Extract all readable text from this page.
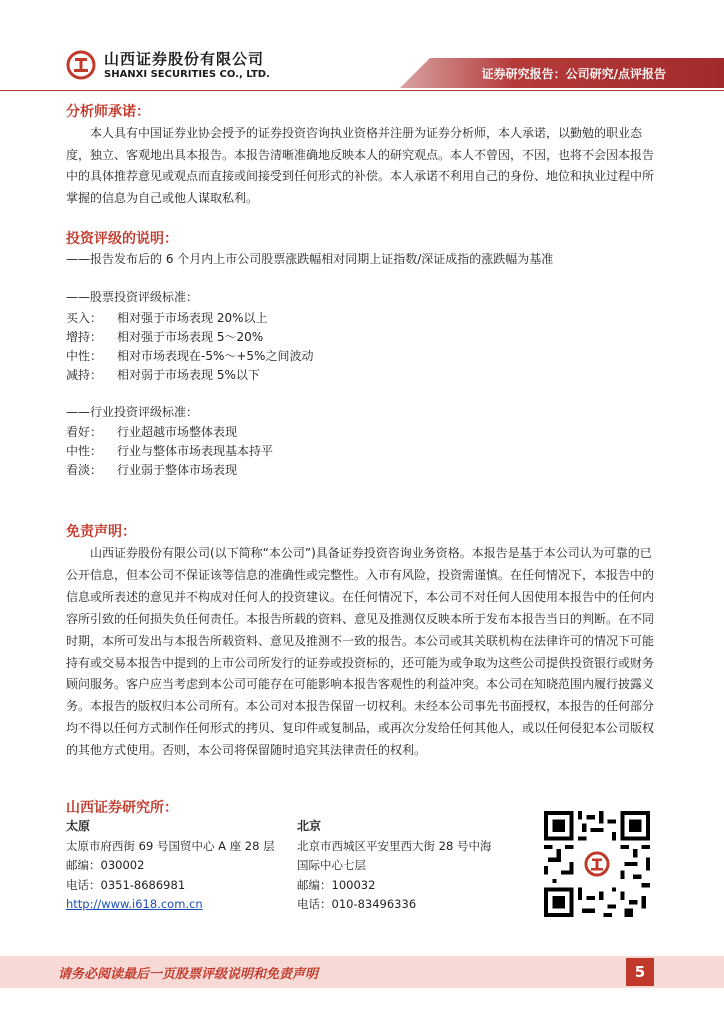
山西证券股份有限公司
SHANXI SECURITIES CO., LTD.	证券研究报告：公司研究/点评报告
分析师承诺：

本人具有中国证券业协会授予的证券投资咨询执业资格并注册为证券分析师，本人承诺，以勤勉的职业态度，独立、客观地出具本报告。本报告清晰准确地反映本人的研究观点。本人不曾因，不因，也将不会因本报告中的具体推荐意见或观点而直接或间接受到任何形式的补偿。本人承诺不利用自己的身份、地位和执业过程中所掌握的信息为自己或他人谋取私利。

投资评级的说明：
——报告发布后的 6 个月内上市公司股票涨跌幅相对同期上证指数/深证成指的涨跌幅为基准
——股票投资评级标准：
买入： 相对强于市场表现 20%以上
增持： 相对强于市场表现 5～20%
中性： 相对市场表现在-5%～+5%之间波动
减持： 相对弱于市场表现 5%以下
——行业投资评级标准：
看好： 行业超越市场整体表现
中性： 行业与整体市场表现基本持平
看淡： 行业弱于整体市场表现
免责声明：

山西证券股份有限公司(以下简称“本公司”)具备证券投资咨询业务资格。本报告是基于本公司认为可靠的已公开信息，但本公司不保证该等信息的准确性或完整性。入市有风险，投资需谨慎。在任何情况下，本报告中的信息或所表述的意见并不构成对任何人的投资建议。在任何情况下，本公司不对任何人因使用本报告中的任何内容所引致的任何损失负任何责任。本报告所载的资料、意见及推测仅反映本所于发布本报告当日的判断。在不同时期，本所可发出与本报告所载资料、意见及推测不一致的报告。本公司或其关联机构在法律许可的情况下可能持有或交易本报告中提到的上市公司所发行的证券或投资标的，还可能为或争取为这些公司提供投资银行或财务顾问服务。客户应当考虑到本公司可能存在可能影响本报告客观性的利益冲突。本公司在知晓范围内履行披露义务。本报告的版权归本公司所有。本公司对本报告保留一切权利。未经本公司事先书面授权，本报告的任何部分均不得以任何方式制作任何形式的拷贝、复印件或复制品，或再次分发给任何其他人，或以任何侵犯本公司版权的其他方式使用。否则，本公司将保留随时追究其法律责任的权利。

山西证券研究所：
太原
太原市府西街 69 号国贸中心 A 座 28 层
邮编：030002
电话：0351-8686981
http://www.i618.com.cn
北京
北京市西城区平安里西大街 28 号中海
国际中心七层
邮编：100032
电话：010-83496336
请务必阅读最后一页股票评级说明和免责声明	5
